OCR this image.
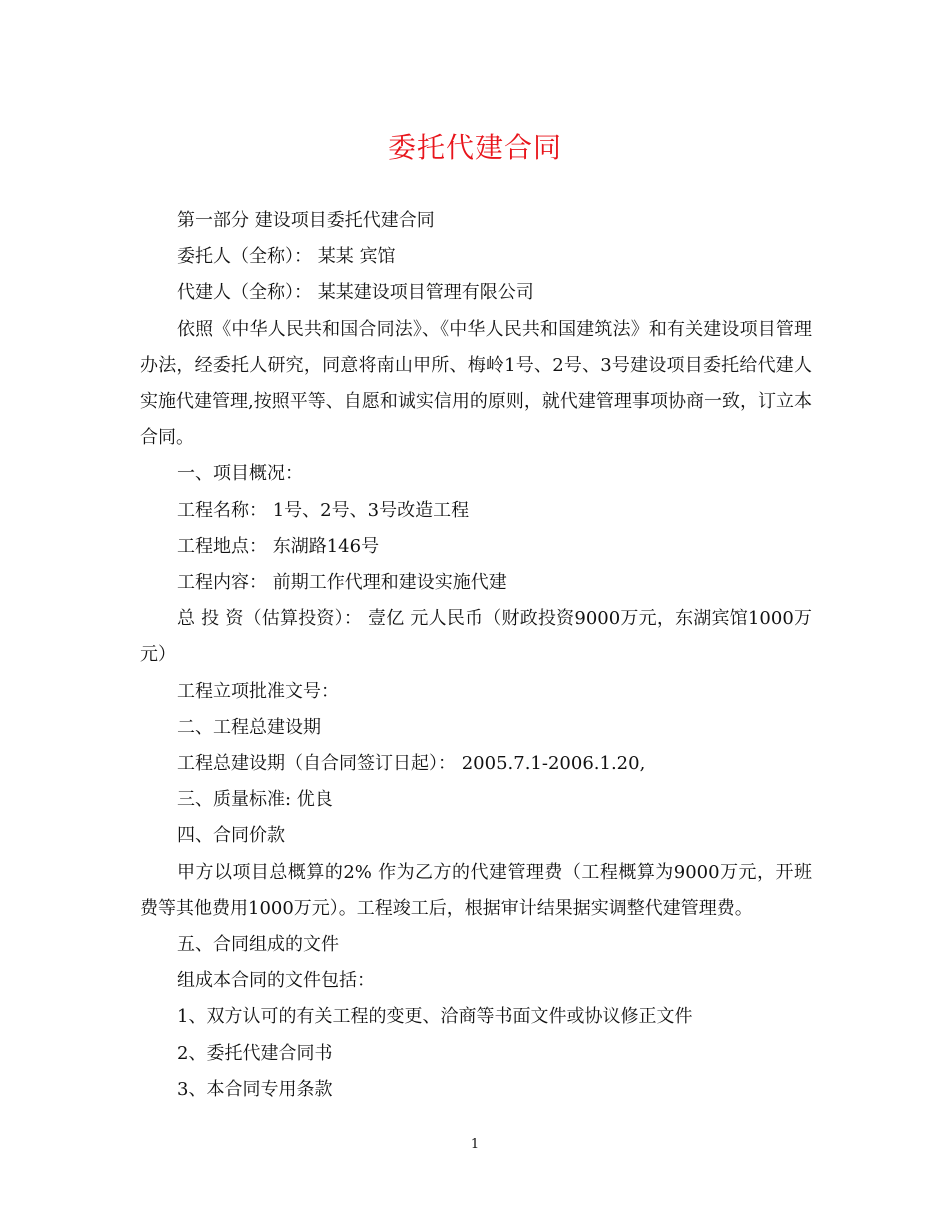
委托代建合同

第一部分 建设项目委托代建合同

委托人（全称）： 某某 宾馆

代建人（全称）： 某某建设项目管理有限公司

依照《中华人民共和国合同法》、《中华人民共和国建筑法》和有关建设项目管理办法，经委托人研究，同意将南山甲所、梅岭1号、2号、3号建设项目委托给代建人实施代建管理,按照平等、自愿和诚实信用的原则，就代建管理事项协商一致，订立本合同。

一、项目概况：

工程名称： 1号、2号、3号改造工程

工程地点： 东湖路146号

工程内容： 前期工作代理和建设实施代建

总 投 资（估算投资）： 壹亿 元人民币（财政投资9000万元，东湖宾馆1000万元）

工程立项批准文号：

二、工程总建设期

工程总建设期（自合同签订日起）： 2005.7.1-2006.1.20,

三、质量标准: 优良

四、合同价款

甲方以项目总概算的2% 作为乙方的代建管理费（工程概算为9000万元，开班费等其他费用1000万元）。工程竣工后，根据审计结果据实调整代建管理费。

五、合同组成的文件

组成本合同的文件包括：

1、双方认可的有关工程的变更、洽商等书面文件或协议修正文件

2、委托代建合同书

3、本合同专用条款

1
